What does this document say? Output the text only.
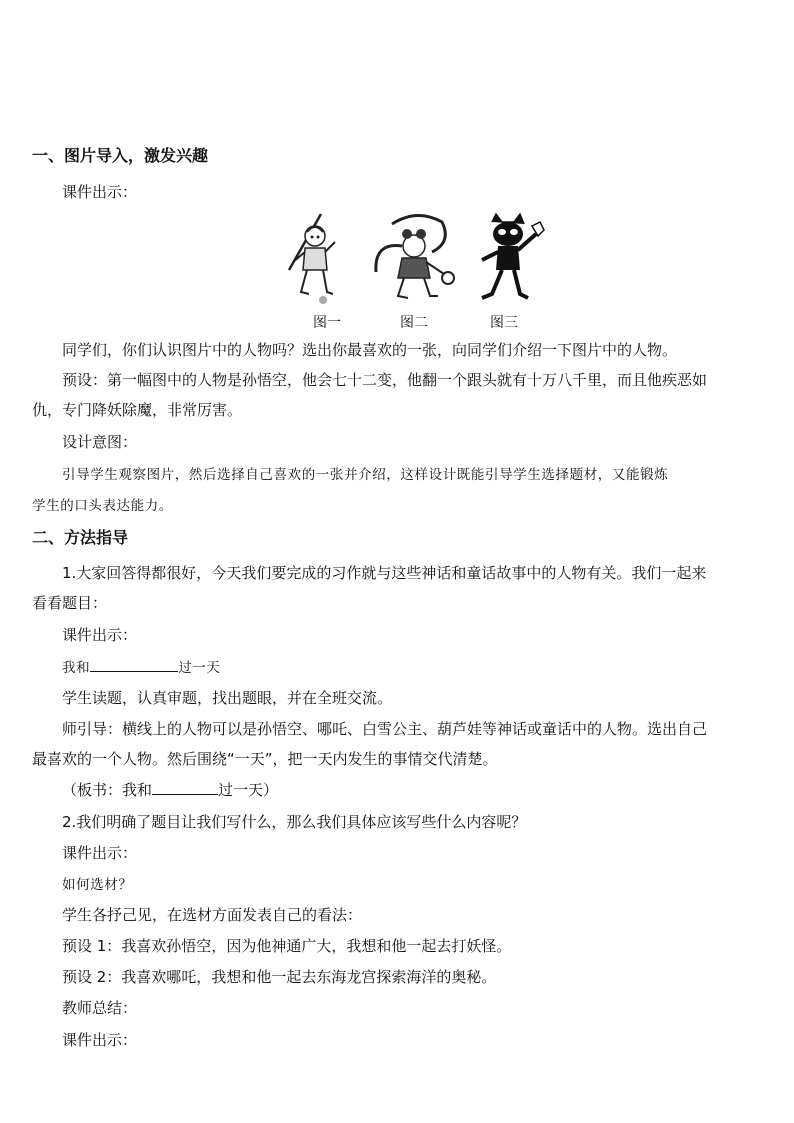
一、图片导入，激发兴趣
课件出示：
图一	图二	图三
同学们，你们认识图片中的人物吗？选出你最喜欢的一张，向同学们介绍一下图片中的人物。
预设：第一幅图中的人物是孙悟空，他会七十二变，他翻一个跟头就有十万八千里，而且他疾恶如
仇，专门降妖除魔，非常厉害。
设计意图：
引导学生观察图片，然后选择自己喜欢的一张并介绍，这样设计既能引导学生选择题材，又能锻炼
学生的口头表达能力。
二、方法指导
1.大家回答得都很好，今天我们要完成的习作就与这些神话和童话故事中的人物有关。我们一起来
看看题目：
课件出示：
我和	过一天
学生读题，认真审题，找出题眼，并在全班交流。
师引导：横线上的人物可以是孙悟空、哪吒、白雪公主、葫芦娃等神话或童话中的人物。选出自己
最喜欢的一个人物。然后围绕“一天”，把一天内发生的事情交代清楚。
（板书：我和	过一天）
2.我们明确了题目让我们写什么，那么我们具体应该写些什么内容呢？
课件出示：
如何选材？
学生各抒己见，在选材方面发表自己的看法：
预设 1：我喜欢孙悟空，因为他神通广大，我想和他一起去打妖怪。
预设 2：我喜欢哪吒，我想和他一起去东海龙宫探索海洋的奥秘。
教师总结：
课件出示：
